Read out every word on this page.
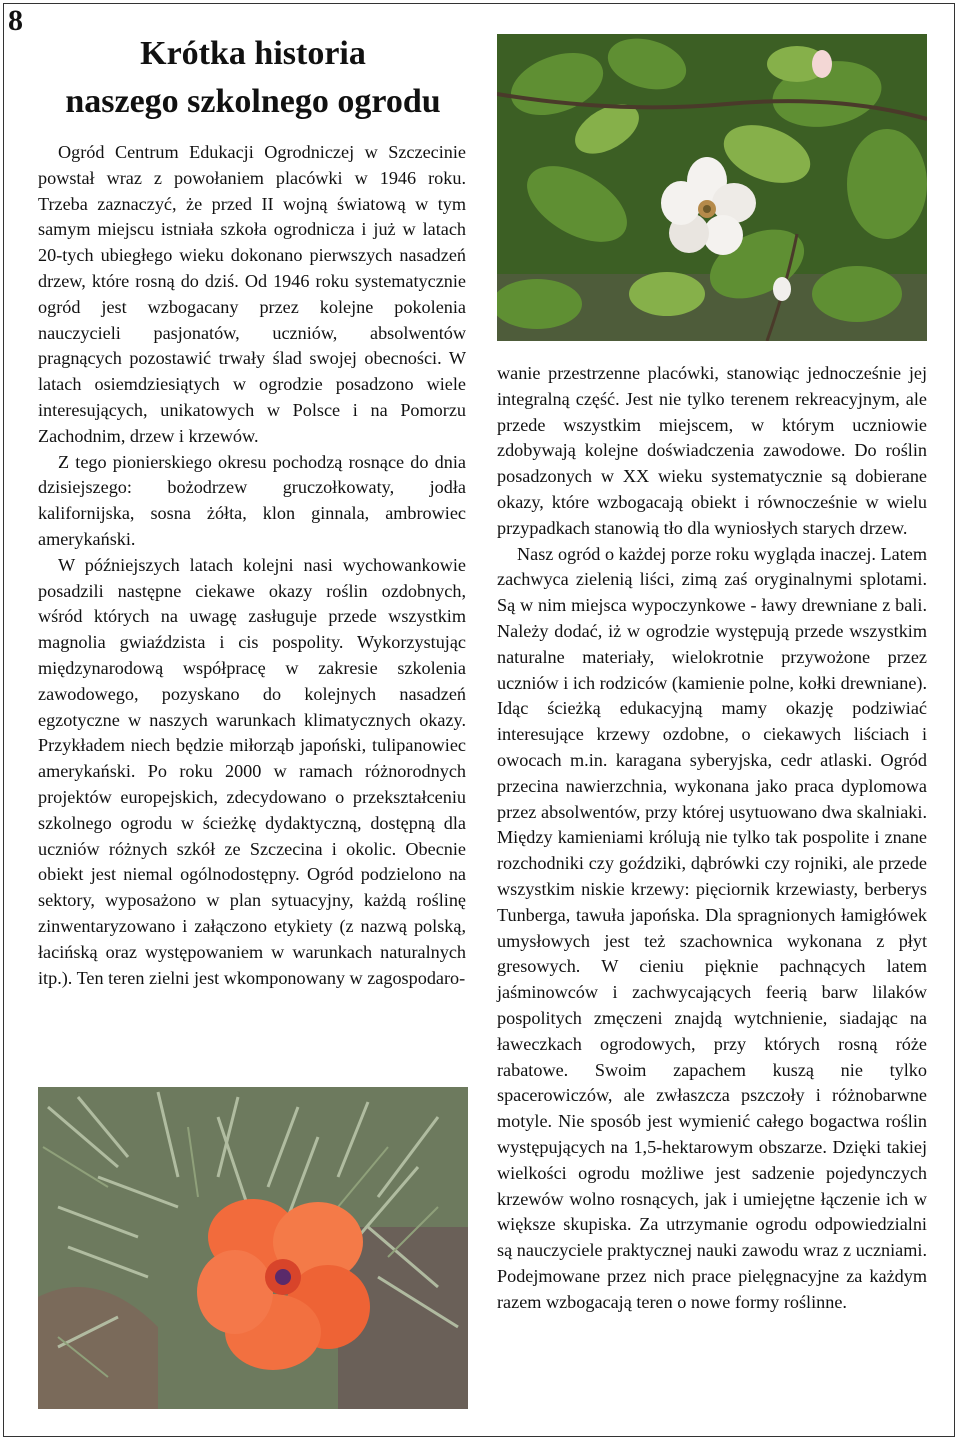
8
Krótka historia
naszego szkolnego ogrodu

Ogród Centrum Edukacji Ogrodniczej w Szczecinie powstał wraz z powołaniem placówki w 1946 roku. Trzeba zaznaczyć, że przed II wojną światową w tym samym miejscu istniała szkoła ogrodnicza i już w latach 20-tych ubiegłego wieku dokonano pierwszych nasadzeń drzew, które rosną do dziś. Od 1946 roku systematycznie ogród jest wzbogacany przez kolejne pokolenia nauczycieli pasjonatów, uczniów, absolwentów pragnących pozostawić trwały ślad swojej obecności. W latach osiemdziesiątych w ogrodzie posadzono wiele interesujących, unikatowych w Polsce i na Pomorzu Zachodnim, drzew i krzewów.

Z tego pionierskiego okresu pochodzą rosnące do dnia dzisiejszego: bożodrzew gruczołkowaty, jodła kalifornijska, sosna żółta, klon ginnala, ambrowiec amerykański.

W późniejszych latach kolejni nasi wychowankowie posadzili następne ciekawe okazy roślin ozdobnych, wśród których na uwagę zasługuje przede wszystkim magnolia gwiaździsta i cis pospolity. Wykorzystując międzynarodową współpracę w zakresie szkolenia zawodowego, pozyskano do kolejnych nasadzeń egzotyczne w naszych warunkach klimatycznych okazy. Przykładem niech będzie miłorząb japoński, tulipanowiec amerykański. Po roku 2000 w ramach różnorodnych projektów europejskich, zdecydowano o przekształceniu szkolnego ogrodu w ścieżkę dydaktyczną, dostępną dla uczniów różnych szkół ze Szczecina i okolic. Obecnie obiekt jest niemal ogólnodostępny. Ogród podzielono na sektory, wyposażono w plan sytuacyjny, każdą roślinę zinwentaryzowano i załączono etykiety (z nazwą polską, łacińską oraz występowaniem w warunkach naturalnych itp.). Ten teren zielni jest wkomponowany w zagospodaro-

wanie przestrzenne placówki, stanowiąc jednocześnie jej integralną część. Jest nie tylko terenem rekreacyjnym, ale przede wszystkim miejscem, w którym uczniowie zdobywają kolejne doświadczenia zawodowe. Do roślin posadzonych w XX wieku systematycznie są dobierane okazy, które wzbogacają obiekt i równocześnie w wielu przypadkach stanowią tło dla wyniosłych starych drzew.

Nasz ogród o każdej porze roku wygląda inaczej. Latem zachwyca zielenią liści, zimą zaś oryginalnymi splotami. Są w nim miejsca wypoczynkowe - ławy drewniane z bali. Należy dodać, iż w ogrodzie występują przede wszystkim naturalne materiały, wielokrotnie przywożone przez uczniów i ich rodziców (kamienie polne, kołki drewniane). Idąc ścieżką edukacyjną mamy okazję podziwiać interesujące krzewy ozdobne, o ciekawych liściach i owocach m.in. karagana syberyjska, cedr atlaski. Ogród przecina nawierzchnia, wykonana jako praca dyplomowa przez absolwentów, przy której usytuowano dwa skalniaki. Między kamieniami królują nie tylko tak pospolite i znane rozchodniki czy goździki, dąbrówki czy rojniki, ale przede wszystkim niskie krzewy: pięciornik krzewiasty, berberys Tunberga, tawuła japońska. Dla spragnionych łamigłówek umysłowych jest też szachownica wykonana z płyt gresowych. W cieniu pięknie pachnących latem jaśminowców i zachwycających feerią barw lilaków pospolitych zmęczeni znajdą wytchnienie, siadając na ławeczkach ogrodowych, przy których rosną róże rabatowe. Swoim zapachem kuszą nie tylko spacerowiczów, ale zwłaszcza pszczoły i różnobarwne motyle. Nie sposób jest wymienić całego bogactwa roślin występujących na 1,5-hektarowym obszarze. Dzięki takiej wielkości ogrodu możliwe jest sadzenie pojedynczych krzewów wolno rosnących, jak i umiejętne łączenie ich w większe skupiska. Za utrzymanie ogrodu odpowiedzialni są nauczyciele praktycznej nauki zawodu wraz z uczniami. Podejmowane przez nich prace pielęgnacyjne za każdym razem wzbogacają teren o nowe formy roślinne.
